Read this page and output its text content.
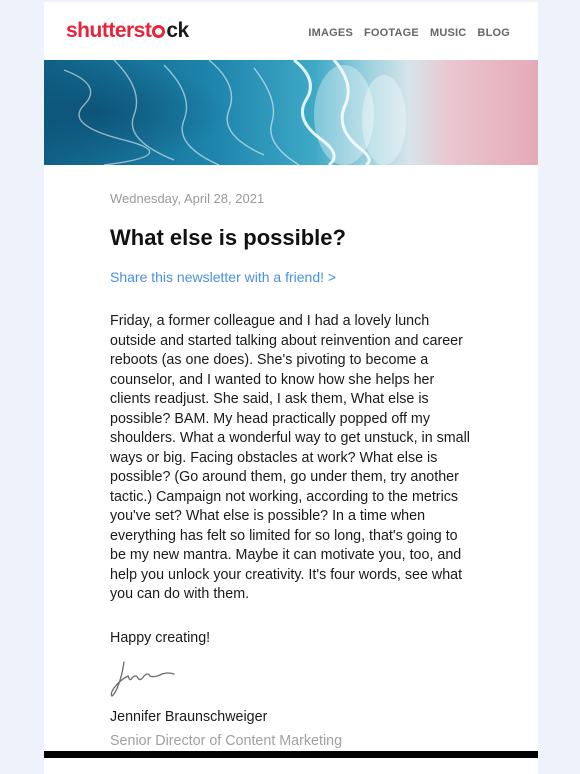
shutterst ck	IMAGES FOOTAGE MUSIC BLOG
Wednesday, April 28, 2021
What else is possible?
Share this newsletter with a friend! >
Friday, a former colleague and I had a lovely lunch outside and started talking about reinvention and career reboots (as one does). She's pivoting to become a counselor, and I wanted to know how she helps her clients readjust. She said, I ask them, What else is possible? BAM. My head practically popped off my shoulders. What a wonderful way to get unstuck, in small ways or big. Facing obstacles at work? What else is possible? (Go around them, go under them, try another tactic.) Campaign not working, according to the metrics you've set? What else is possible? In a time when everything has felt so limited for so long, that's going to be my new mantra. Maybe it can motivate you, too, and help you unlock your creativity. It's four words, see what you can do with them.
Happy creating!
Jennifer Braunschweiger
Senior Director of Content Marketing
